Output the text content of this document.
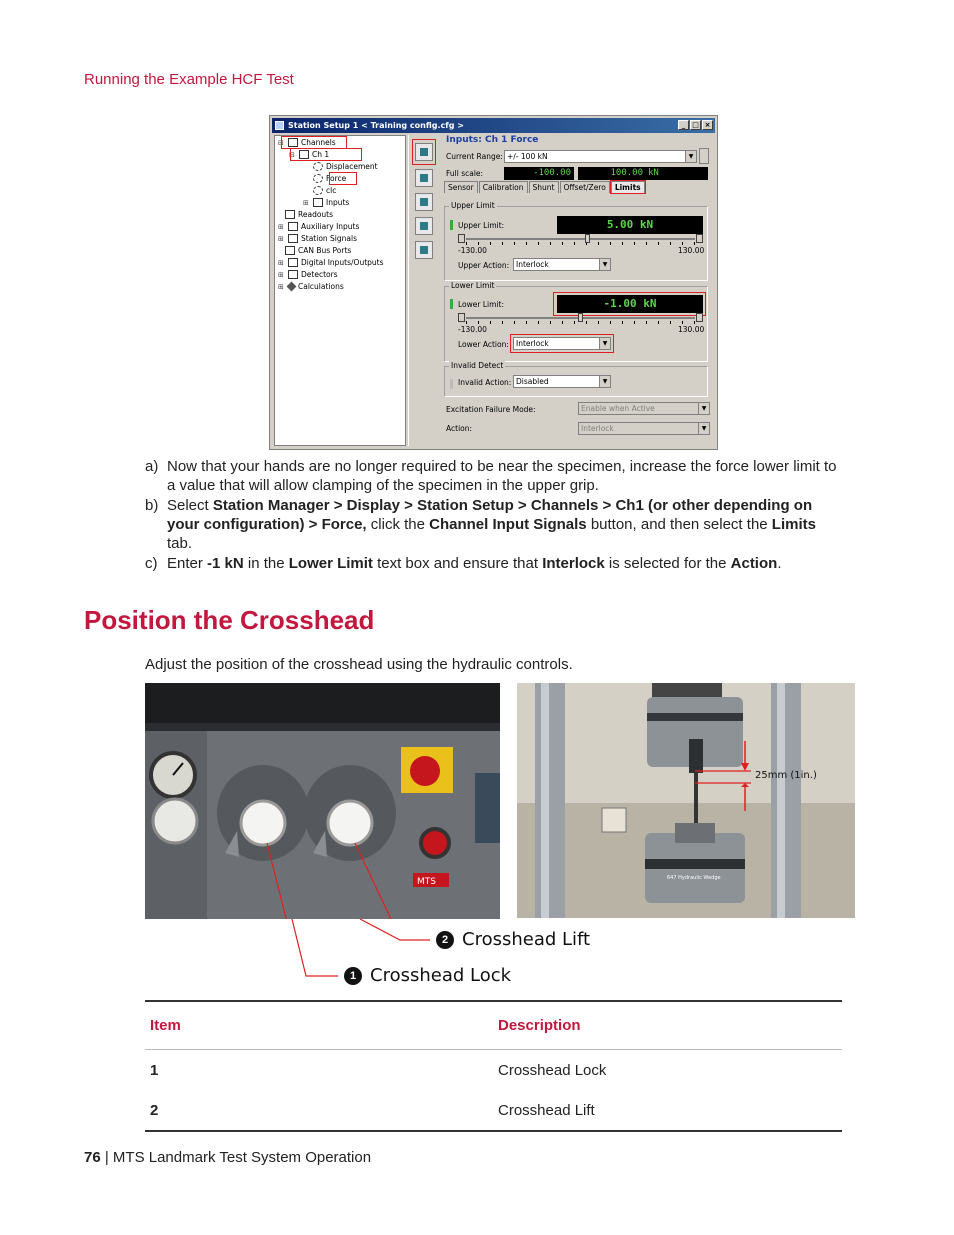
Running the Example HCF Test
Station Setup 1 < Training config.cfg >	_ □ ×
⊟ Channels
⊟ Ch 1
Displacement
Force
clc
⊞ Inputs
Readouts
⊞ Auxiliary Inputs
⊞ Station Signals
CAN Bus Ports
⊞ Digital Inputs/Outputs
⊞ Detectors
⊞ Calculations
Inputs: Ch 1 Force
Current Range: +/- 100 kN	▼
Full scale:	-100.00	100.00 kN
Sensor	Calibration	Shunt	Offset/Zero	Limits
Upper Limit
Upper Limit:	5.00 kN
-130.00	130.00
Upper Action: Interlock	▼
Lower Limit
Lower Limit:	-1.00 kN
-130.00	130.00
Lower Action: Interlock	▼
Invalid Detect
Invalid Action: Disabled	▼
Excitation Failure Mode:	Enable when Active	▼
Action:	Interlock	▼
a) Now that your hands are no longer required to be near the specimen, increase the force lower limit to a value that will allow clamping of the specimen in the upper grip.
b) Select Station Manager > Display > Station Setup > Channels > Ch1 (or other depending on your configuration) > Force, click the Channel Input Signals button, and then select the Limits tab.
c) Enter -1 kN in the Lower Limit text box and ensure that Interlock is selected for the Action.
Position the Crosshead
Adjust the position of the crosshead using the hydraulic controls.
MTS	647 Hydraulic Wedge
25mm (1in.)
2 Crosshead Lift
1 Crosshead Lock
Item	Description
1	Crosshead Lock
2	Crosshead Lift
76 | MTS Landmark Test System Operation
